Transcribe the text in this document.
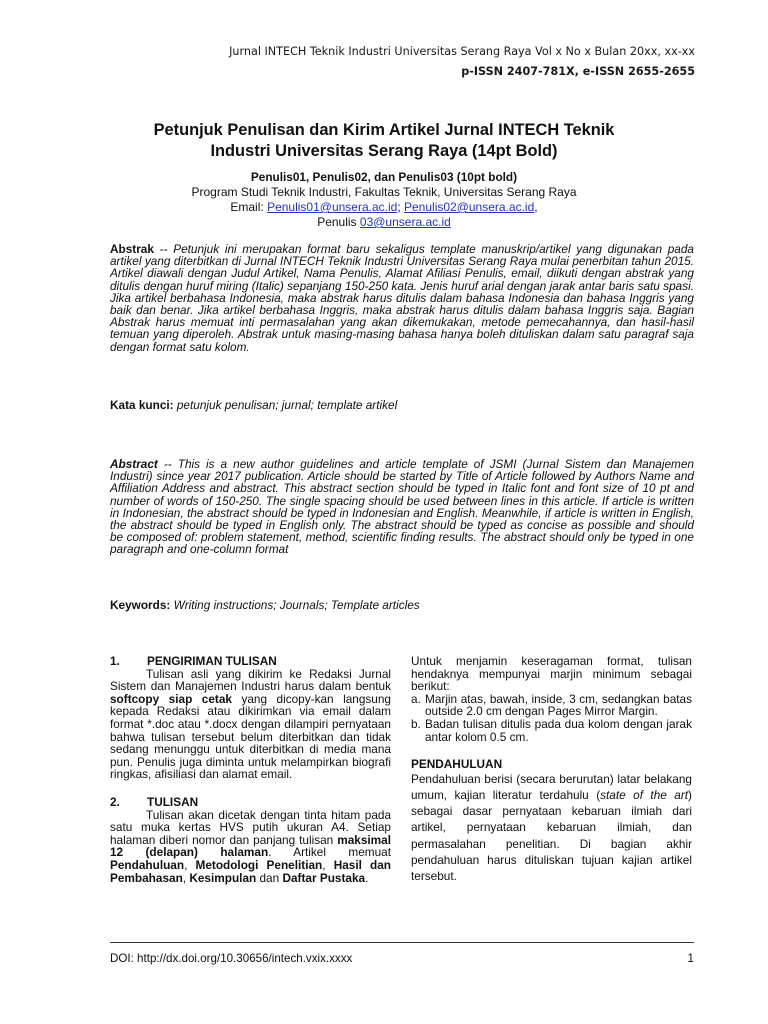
Jurnal INTECH Teknik Industri Universitas Serang Raya Vol x No x Bulan 20xx, xx-xx
p-ISSN 2407-781X, e-ISSN 2655-2655
Petunjuk Penulisan dan Kirim Artikel Jurnal INTECH Teknik
Industri Universitas Serang Raya (14pt Bold)
Penulis01, Penulis02, dan Penulis03 (10pt bold)
Program Studi Teknik Industri, Fakultas Teknik, Universitas Serang Raya
Email: Penulis01@unsera.ac.id; Penulis02@unsera.ac.id,
Penulis 03@unsera.ac.id
Abstrak -- Petunjuk ini merupakan format baru sekaligus template manuskrip/artikel yang digunakan pada artikel yang diterbitkan di Jurnal INTECH Teknik Industri Universitas Serang Raya mulai penerbitan tahun 2015. Artikel diawali dengan Judul Artikel, Nama Penulis, Alamat Afiliasi Penulis, email, diikuti dengan abstrak yang ditulis dengan huruf miring (Italic) sepanjang 150-250 kata. Jenis huruf arial dengan jarak antar baris satu spasi. Jika artikel berbahasa Indonesia, maka abstrak harus ditulis dalam bahasa Indonesia dan bahasa Inggris yang baik dan benar. Jika artikel berbahasa Inggris, maka abstrak harus ditulis dalam bahasa Inggris saja. Bagian Abstrak harus memuat inti permasalahan yang akan dikemukakan, metode pemecahannya, dan hasil-hasil temuan yang diperoleh. Abstrak untuk masing-masing bahasa hanya boleh dituliskan dalam satu paragraf saja dengan format satu kolom.
Kata kunci: petunjuk penulisan; jurnal; template artikel
Abstract -- This is a new author guidelines and article template of JSMI (Jurnal Sistem dan Manajemen Industri) since year 2017 publication. Article should be started by Title of Article followed by Authors Name and Affiliation Address and abstract. This abstract section should be typed in Italic font and font size of 10 pt and number of words of 150-250. The single spacing should be used between lines in this article. If article is written in Indonesian, the abstract should be typed in Indonesian and English. Meanwhile, if article is written in English, the abstract should be typed in English only. The abstract should be typed as concise as possible and should be composed of: problem statement, method, scientific finding results. The abstract should only be typed in one paragraph and one-column format
Keywords: Writing instructions; Journals; Template articles
1. PENGIRIMAN TULISAN

Tulisan asli yang dikirim ke Redaksi Jurnal Sistem dan Manajemen Industri harus dalam bentuk softcopy siap cetak yang dicopy-kan langsung kepada Redaksi atau dikirimkan via email dalam format *.doc atau *.docx dengan dilampiri pernyataan bahwa tulisan tersebut belum diterbitkan dan tidak sedang menunggu untuk diterbitkan di media mana pun. Penulis juga diminta untuk melampirkan biografi ringkas, afisiliasi dan alamat email.

2. TULISAN

Tulisan akan dicetak dengan tinta hitam pada satu muka kertas HVS putih ukuran A4. Setiap halaman diberi nomor dan panjang tulisan maksimal 12 (delapan) halaman. Artikel memuat Pendahuluan, Metodologi Penelitian, Hasil dan Pembahasan, Kesimpulan dan Daftar Pustaka.

Untuk menjamin keseragaman format, tulisan hendaknya mempunyai marjin minimum sebagai berikut:

a. Marjin atas, bawah, inside, 3 cm, sedangkan batas outside 2.0 cm dengan Pages Mirror Margin.
b. Badan tulisan ditulis pada dua kolom dengan jarak antar kolom 0.5 cm.
PENDAHULUAN

Pendahuluan berisi (secara berurutan) latar belakang umum, kajian literatur terdahulu (state of the art) sebagai dasar pernyataan kebaruan ilmiah dari artikel, pernyataan kebaruan ilmiah, dan permasalahan penelitian. Di bagian akhir pendahuluan harus dituliskan tujuan kajian artikel tersebut.

DOI: http://dx.doi.org/10.30656/intech.vxix.xxxx	1
